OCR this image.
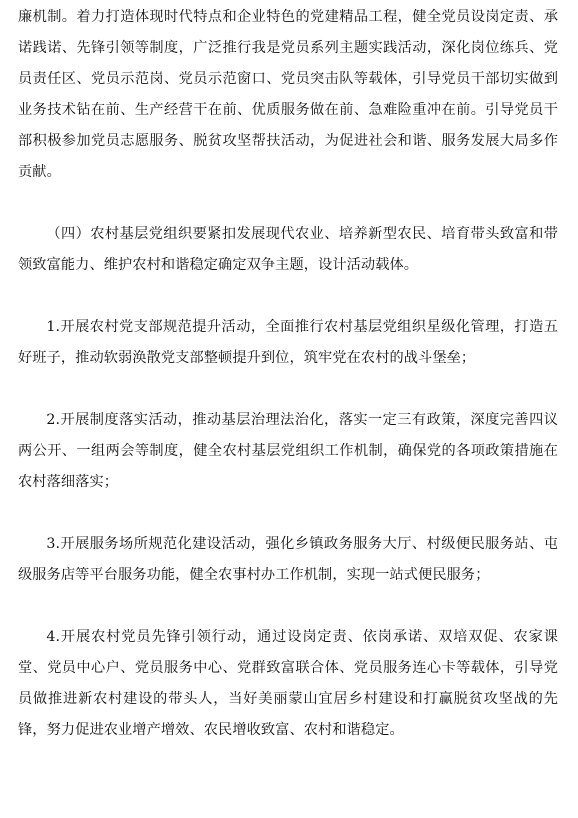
廉机制。着力打造体现时代特点和企业特色的党建精品工程，健全党员设岗定责、承诺践诺、先锋引领等制度，广泛推行我是党员系列主题实践活动，深化岗位练兵、党员责任区、党员示范岗、党员示范窗口、党员突击队等载体，引导党员干部切实做到业务技术钻在前、生产经营干在前、优质服务做在前、急难险重冲在前。引导党员干部积极参加党员志愿服务、脱贫攻坚帮扶活动，为促进社会和谐、服务发展大局多作贡献。

（四）农村基层党组织要紧扣发展现代农业、培养新型农民、培育带头致富和带领致富能力、维护农村和谐稳定确定双争主题，设计活动载体。

1.开展农村党支部规范提升活动，全面推行农村基层党组织星级化管理，打造五好班子，推动软弱涣散党支部整顿提升到位，筑牢党在农村的战斗堡垒；

2.开展制度落实活动，推动基层治理法治化，落实一定三有政策，深度完善四议两公开、一组两会等制度，健全农村基层党组织工作机制，确保党的各项政策措施在农村落细落实；

3.开展服务场所规范化建设活动，强化乡镇政务服务大厅、村级便民服务站、屯级服务店等平台服务功能，健全农事村办工作机制，实现一站式便民服务；

4.开展农村党员先锋引领行动，通过设岗定责、依岗承诺、双培双促、农家课堂、党员中心户、党员服务中心、党群致富联合体、党员服务连心卡等载体，引导党员做推进新农村建设的带头人，当好美丽蒙山宜居乡村建设和打赢脱贫攻坚战的先锋，努力促进农业增产增效、农民增收致富、农村和谐稳定。
